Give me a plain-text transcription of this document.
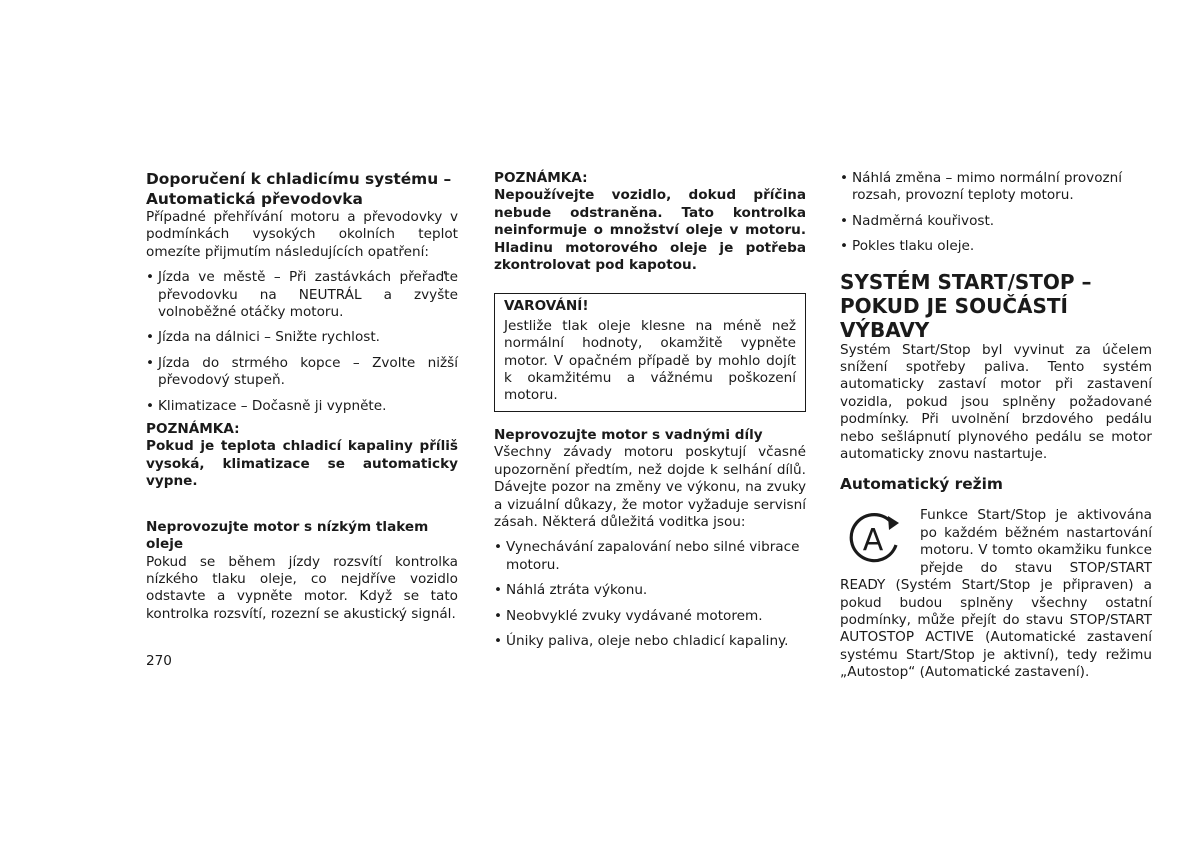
Doporučení k chladicímu systému –
Automatická převodovka

Případné přehřívání motoru a převodovky v podmínkách vysokých okolních teplot omezíte přijmutím následujících opatření:

• Jízda ve městě – Při zastávkách přeřaďte převodovku na NEUTRÁL a zvyšte volnoběžné otáčky motoru.
• Jízda na dálnici – Snižte rychlost.
• Jízda do strmého kopce – Zvolte nižší převodový stupeň.
• Klimatizace – Dočasně ji vypněte.

POZNÁMKA:

Pokud je teplota chladicí kapaliny příliš vysoká, klimatizace se automaticky vypne.

Neprovozujte motor s nízkým tlakem oleje

Pokud se během jízdy rozsvítí kontrolka nízkého tlaku oleje, co nejdříve vozidlo odstavte a vypněte motor. Když se tato kontrolka rozsvítí, rozezní se akustický signál.

POZNÁMKA:

Nepoužívejte vozidlo, dokud příčina nebude odstraněna. Tato kontrolka neinformuje o množství oleje v motoru. Hladinu motorového oleje je potřeba zkontrolovat pod kapotou.

VAROVÁNÍ!

Jestliže tlak oleje klesne na méně než normální hodnoty, okamžitě vypněte motor. V opačném případě by mohlo dojít k okamžitému a vážnému poškození motoru.

Neprovozujte motor s vadnými díly

Všechny závady motoru poskytují včasné upozornění předtím, než dojde k selhání dílů. Dávejte pozor na změny ve výkonu, na zvuky a vizuální důkazy, že motor vyžaduje servisní zásah. Některá důležitá voditka jsou:

• Vynechávání zapalování nebo silné vibrace motoru.
• Náhlá ztráta výkonu.
• Neobvyklé zvuky vydávané motorem.
• Úniky paliva, oleje nebo chladicí kapaliny.
• Náhlá změna – mimo normální provozní rozsah, provozní teploty motoru.
• Nadměrná kouřivost.
• Pokles tlaku oleje.
SYSTÉM START/STOP –
POKUD JE SOUČÁSTÍ VÝBAVY

Systém Start/Stop byl vyvinut za účelem snížení spotřeby paliva. Tento systém automaticky zastaví motor při zastavení vozidla, pokud jsou splněny požadované podmínky. Při uvolnění brzdového pedálu nebo sešlápnutí plynového pedálu se motor automaticky znovu nastartuje.

Automatický režim
A

Funkce Start/Stop je aktivována po každém běžném nastartování motoru. V tomto okamžiku funkce přejde do stavu STOP/START READY (Systém Start/Stop je připraven) a pokud budou splněny všechny ostatní podmínky, může přejít do stavu STOP/START AUTOSTOP ACTIVE (Automatické zastavení systému Start/Stop je aktivní), tedy režimu „Autostop“ (Automatické zastavení).

270
